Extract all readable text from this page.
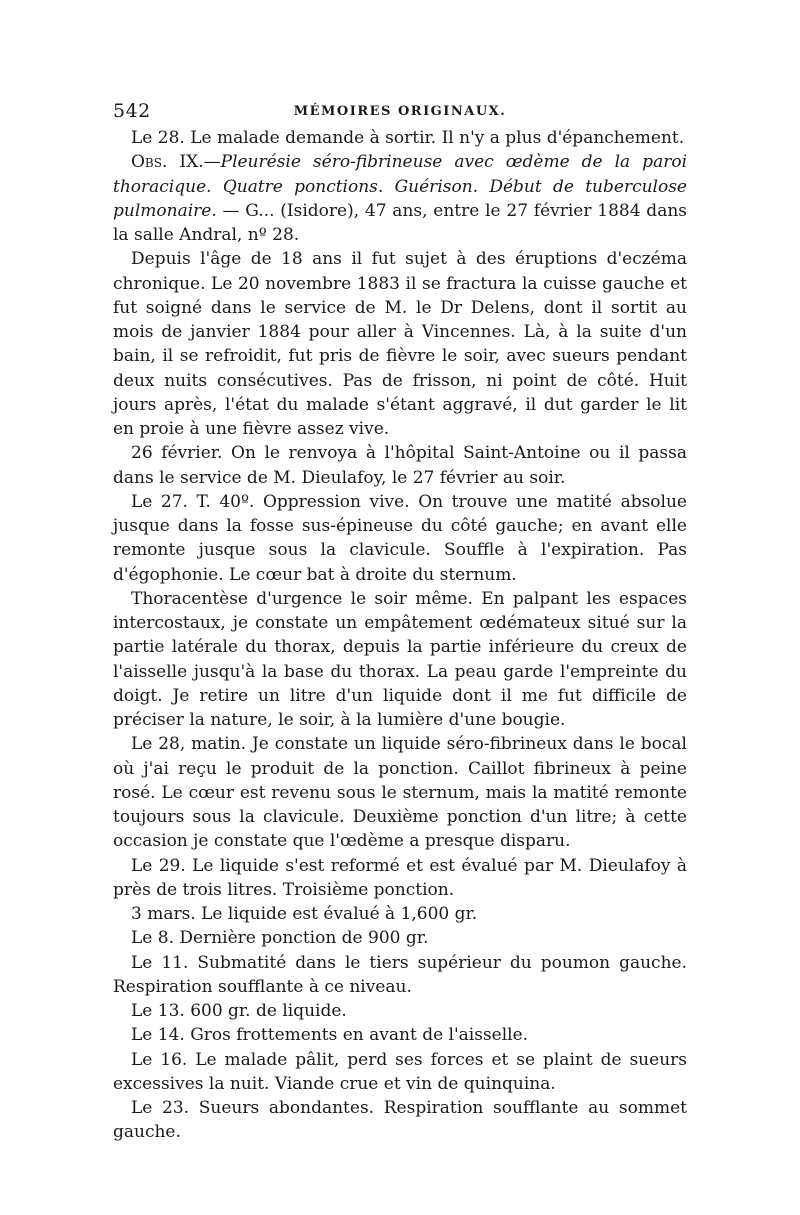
542	MÉMOIRES ORIGINAUX.

Le 28. Le malade demande à sortir. Il n'y a plus d'épanchement.

Obs. IX.—Pleurésie séro-fibrineuse avec œdème de la paroi thoracique. Quatre ponctions. Guérison. Début de tuberculose pulmonaire. — G... (Isidore), 47 ans, entre le 27 février 1884 dans la salle Andral, nº 28.

Depuis l'âge de 18 ans il fut sujet à des éruptions d'eczéma chronique. Le 20 novembre 1883 il se fractura la cuisse gauche et fut soigné dans le service de M. le Dr Delens, dont il sortit au mois de janvier 1884 pour aller à Vincennes. Là, à la suite d'un bain, il se refroidit, fut pris de fièvre le soir, avec sueurs pendant deux nuits consécutives. Pas de frisson, ni point de côté. Huit jours après, l'état du malade s'étant aggravé, il dut garder le lit en proie à une fièvre assez vive.

26 février. On le renvoya à l'hôpital Saint-Antoine ou il passa dans le service de M. Dieulafoy, le 27 février au soir.

Le 27. T. 40º. Oppression vive. On trouve une matité absolue jusque dans la fosse sus-épineuse du côté gauche; en avant elle remonte jusque sous la clavicule. Souffle à l'expiration. Pas d'égophonie. Le cœur bat à droite du sternum.

Thoracentèse d'urgence le soir même. En palpant les espaces intercostaux, je constate un empâtement œdémateux situé sur la partie latérale du thorax, depuis la partie inférieure du creux de l'aisselle jusqu'à la base du thorax. La peau garde l'empreinte du doigt. Je retire un litre d'un liquide dont il me fut difficile de préciser la nature, le soir, à la lumière d'une bougie.

Le 28, matin. Je constate un liquide séro-fibrineux dans le bocal où j'ai reçu le produit de la ponction. Caillot fibrineux à peine rosé. Le cœur est revenu sous le sternum, mais la matité remonte toujours sous la clavicule. Deuxième ponction d'un litre; à cette occasion je constate que l'œdème a presque disparu.

Le 29. Le liquide s'est reformé et est évalué par M. Dieulafoy à près de trois litres. Troisième ponction.

3 mars. Le liquide est évalué à 1,600 gr.

Le 8. Dernière ponction de 900 gr.

Le 11. Submatité dans le tiers supérieur du poumon gauche. Respiration soufflante à ce niveau.

Le 13. 600 gr. de liquide.

Le 14. Gros frottements en avant de l'aisselle.

Le 16. Le malade pâlit, perd ses forces et se plaint de sueurs excessives la nuit. Viande crue et vin de quinquina.

Le 23. Sueurs abondantes. Respiration soufflante au sommet gauche.
